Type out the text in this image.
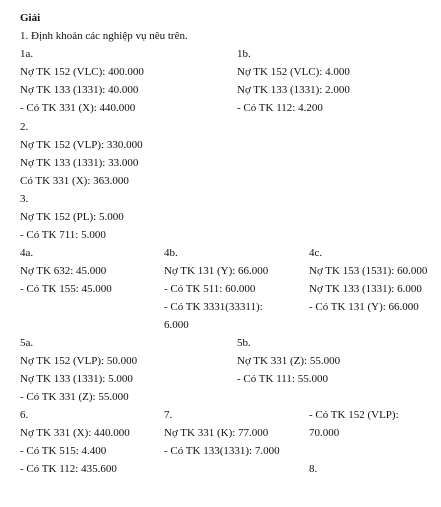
Giải
1. Định khoản các nghiệp vụ nêu trên.
1a.
Nợ TK 152 (VLC): 400.000
Nợ TK 133 (1331): 40.000
- Có TK 331 (X): 440.000
1b.
Nợ TK 152 (VLC): 4.000
Nợ TK 133 (1331): 2.000
- Có TK 112: 4.200
2.
Nợ TK 152 (VLP): 330.000
Nợ TK 133 (1331): 33.000
Có TK 331 (X): 363.000
3.
Nợ TK 152 (PL): 5.000
- Có TK 711: 5.000
4a.
Nợ TK 632: 45.000
- Có TK 155: 45.000
4b.
Nợ TK 131 (Y): 66.000
- Có TK 511: 60.000
- Có TK 3331(33311):
6.000
4c.
Nợ TK 153 (1531): 60.000
Nợ TK 133 (1331): 6.000
- Có TK 131 (Y): 66.000
5a.
Nợ TK 152 (VLP): 50.000
Nợ TK 133 (1331): 5.000
- Có TK 331 (Z): 55.000
5b.
Nợ TK 331 (Z): 55.000
- Có TK 111: 55.000
6.
Nợ TK 331 (X): 440.000
- Có TK 515: 4.400
- Có TK 112: 435.600
7.
Nợ TK 331 (K): 77.000
- Có TK 133(1331): 7.000
- Có TK 152 (VLP):
70.000
8.
